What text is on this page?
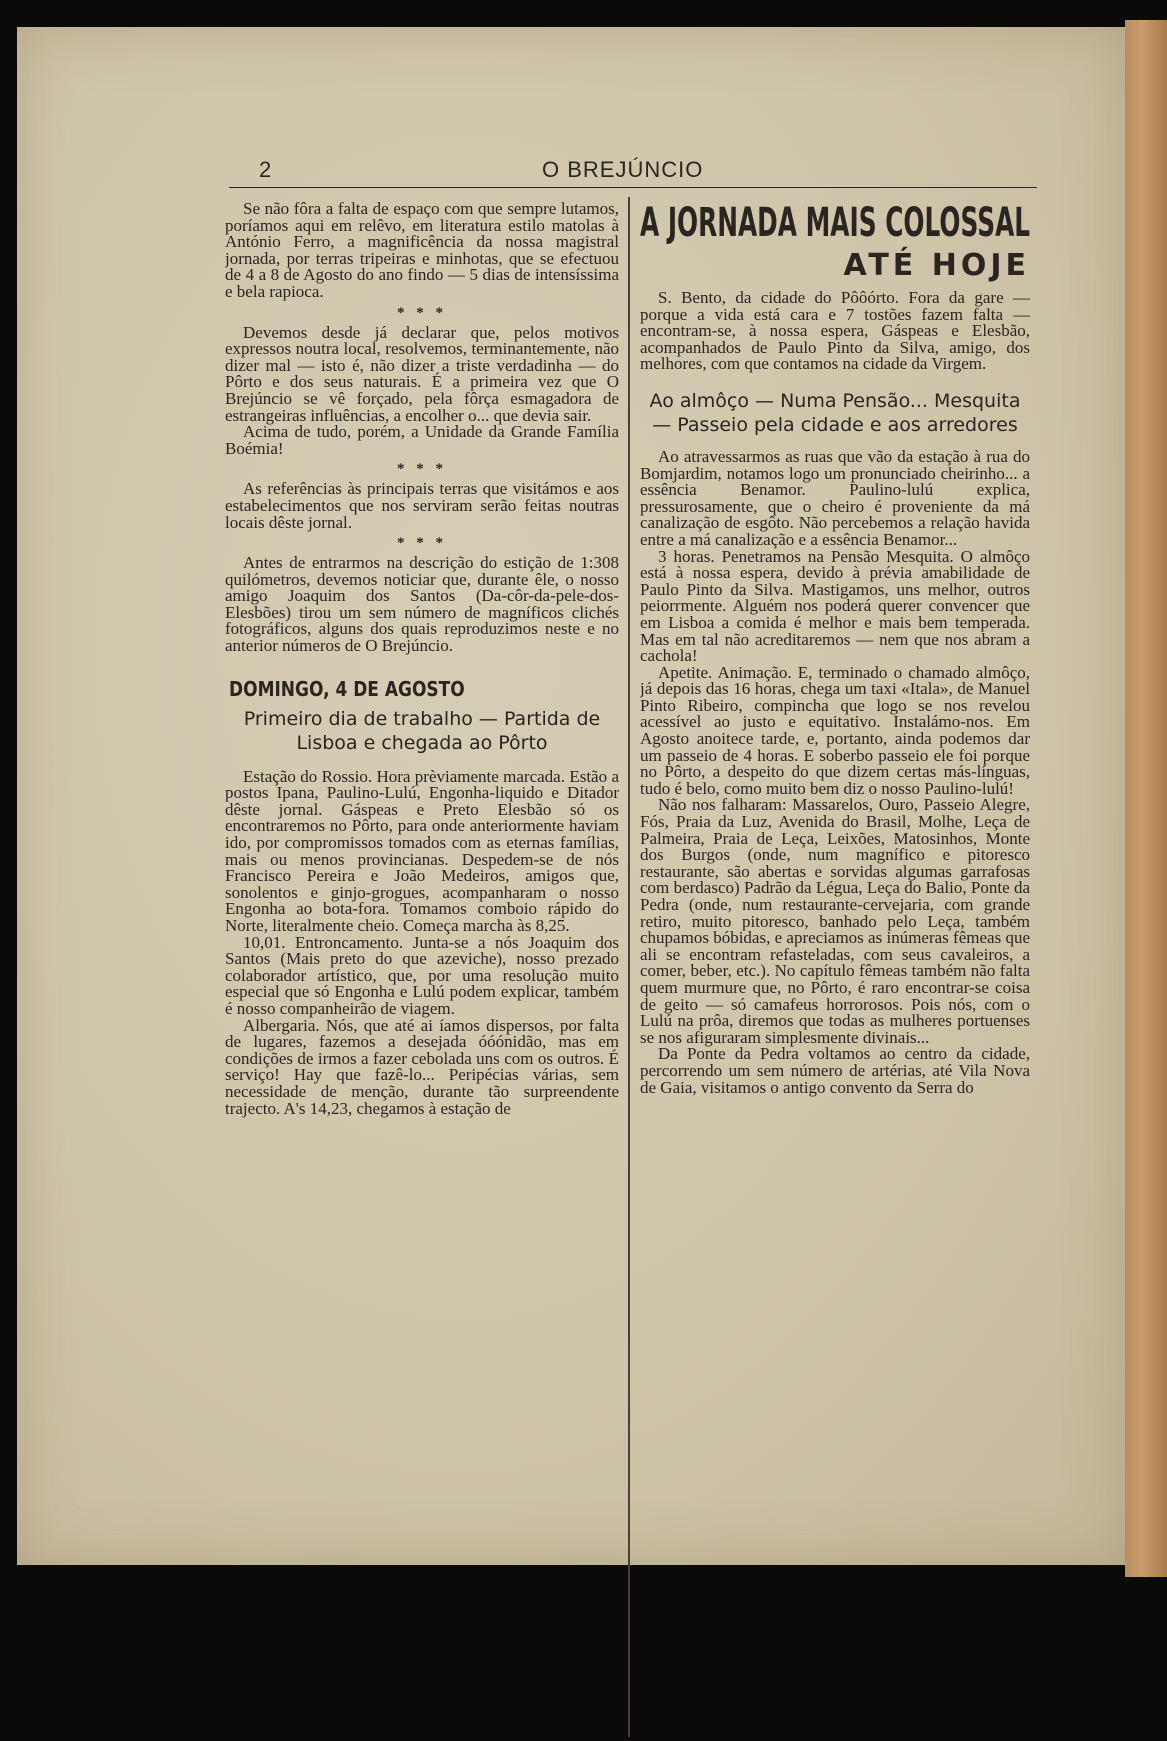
2	O BREJÚNCIO

Se não fôra a falta de espaço com que sempre lutamos, poríamos aqui em relêvo, em literatura estilo matolas à António Ferro, a magnificência da nossa magistral jornada, por terras tripeiras e minhotas, que se efectuou de 4 a 8 de Agosto do ano findo — 5 dias de intensíssima e bela rapioca.

* * *

Devemos desde já declarar que, pelos motivos expressos noutra local, resolvemos, terminantemente, não dizer mal — isto é, não dizer a triste verdadinha — do Pôrto e dos seus naturais. É a primeira vez que O Brejúncio se vê forçado, pela fôrça esmagadora de estrangeiras influências, a encolher o... que devia sair.

Acima de tudo, porém, a Unidade da Grande Família Boémia!

* * *

As referências às principais terras que visitámos e aos estabelecimentos que nos serviram serão feitas noutras locais dêste jornal.

* * *

Antes de entrarmos na descrição do estição de 1:308 quilómetros, devemos noticiar que, durante êle, o nosso amigo Joaquim dos Santos (Da-côr-da-pele-dos-Elesbões) tirou um sem número de magníficos clichés fotográficos, alguns dos quais reproduzimos neste e no anterior números de O Brejúncio.

DOMINGO, 4 DE AGOSTO
Primeiro dia de trabalho — Partida de Lisboa e chegada ao Pôrto

Estação do Rossio. Hora prèviamente marcada. Estão a postos Ipana, Paulino-Lulú, Engonha-liquido e Ditador dêste jornal. Gáspeas e Preto Elesbão só os encontraremos no Pôrto, para onde anteriormente haviam ido, por compromissos tomados com as eternas famílias, mais ou menos provincianas. Despedem-se de nós Francisco Pereira e João Medeiros, amigos que, sonolentos e ginjo-grogues, acompanharam o nosso Engonha ao bota-fora. Tomamos comboio rápido do Norte, literalmente cheio. Começa marcha às 8,25.

10,01. Entroncamento. Junta-se a nós Joaquim dos Santos (Mais preto do que azeviche), nosso prezado colaborador artístico, que, por uma resolução muito especial que só Engonha e Lulú podem explicar, também é nosso companheirão de viagem.

Albergaria. Nós, que até ai íamos dispersos, por falta de lugares, fazemos a desejada óóónidão, mas em condições de irmos a fazer cebolada uns com os outros. É serviço! Hay que fazê-lo... Peripécias várias, sem necessidade de menção, durante tão surpreendente trajecto. A's 14,23, chegamos à estação de

A JORNADA MAIS COLOSSAL
ATÉ HOJE

S. Bento, da cidade do Pôôórto. Fora da gare — porque a vida está cara e 7 tostões fazem falta — encontram-se, à nossa espera, Gáspeas e Elesbão, acompanhados de Paulo Pinto da Silva, amigo, dos melhores, com que contamos na cidade da Virgem.

Ao almôço — Numa Pensão... Mesquita — Passeio pela cidade e aos arredores

Ao atravessarmos as ruas que vão da estação à rua do Bomjardim, notamos logo um pronunciado cheirinho... a essência Benamor. Paulino-lulú explica, pressurosamente, que o cheiro é proveniente da má canalização de esgôto. Não percebemos a relação havida entre a má canalização e a essência Benamor...

3 horas. Penetramos na Pensão Mesquita. O almôço está à nossa espera, devido à prévia amabilidade de Paulo Pinto da Silva. Mastigamos, uns melhor, outros peiorrmente. Alguém nos poderá querer convencer que em Lisboa a comida é melhor e mais bem temperada. Mas em tal não acreditaremos — nem que nos abram a cachola!

Apetite. Animação. E, terminado o chamado almôço, já depois das 16 horas, chega um taxi «Itala», de Manuel Pinto Ribeiro, compincha que logo se nos revelou acessível ao justo e equitativo. Instalámo-nos. Em Agosto anoitece tarde, e, portanto, ainda podemos dar um passeio de 4 horas. E soberbo passeio ele foi porque no Pôrto, a despeito do que dizem certas más-línguas, tudo é belo, como muito bem diz o nosso Paulino-lulú!

Não nos falharam: Massarelos, Ouro, Passeio Alegre, Fós, Praia da Luz, Avenida do Brasil, Molhe, Leça de Palmeira, Praia de Leça, Leixões, Matosinhos, Monte dos Burgos (onde, num magnífico e pitoresco restaurante, são abertas e sorvidas algumas garrafosas com berdasco) Padrão da Légua, Leça do Balio, Ponte da Pedra (onde, num restaurante-cervejaria, com grande retiro, muito pitoresco, banhado pelo Leça, também chupamos bóbidas, e apreciamos as inúmeras fêmeas que ali se encontram refasteladas, com seus cavaleiros, a comer, beber, etc.). No capítulo fêmeas também não falta quem murmure que, no Pôrto, é raro encontrar-se coisa de geito — só camafeus horrorosos. Pois nós, com o Lulú na prôa, diremos que todas as mulheres portuenses se nos afiguraram simplesmente divinais...

Da Ponte da Pedra voltamos ao centro da cidade, percorrendo um sem número de artérias, até Vila Nova de Gaia, visitamos o antigo convento da Serra do
